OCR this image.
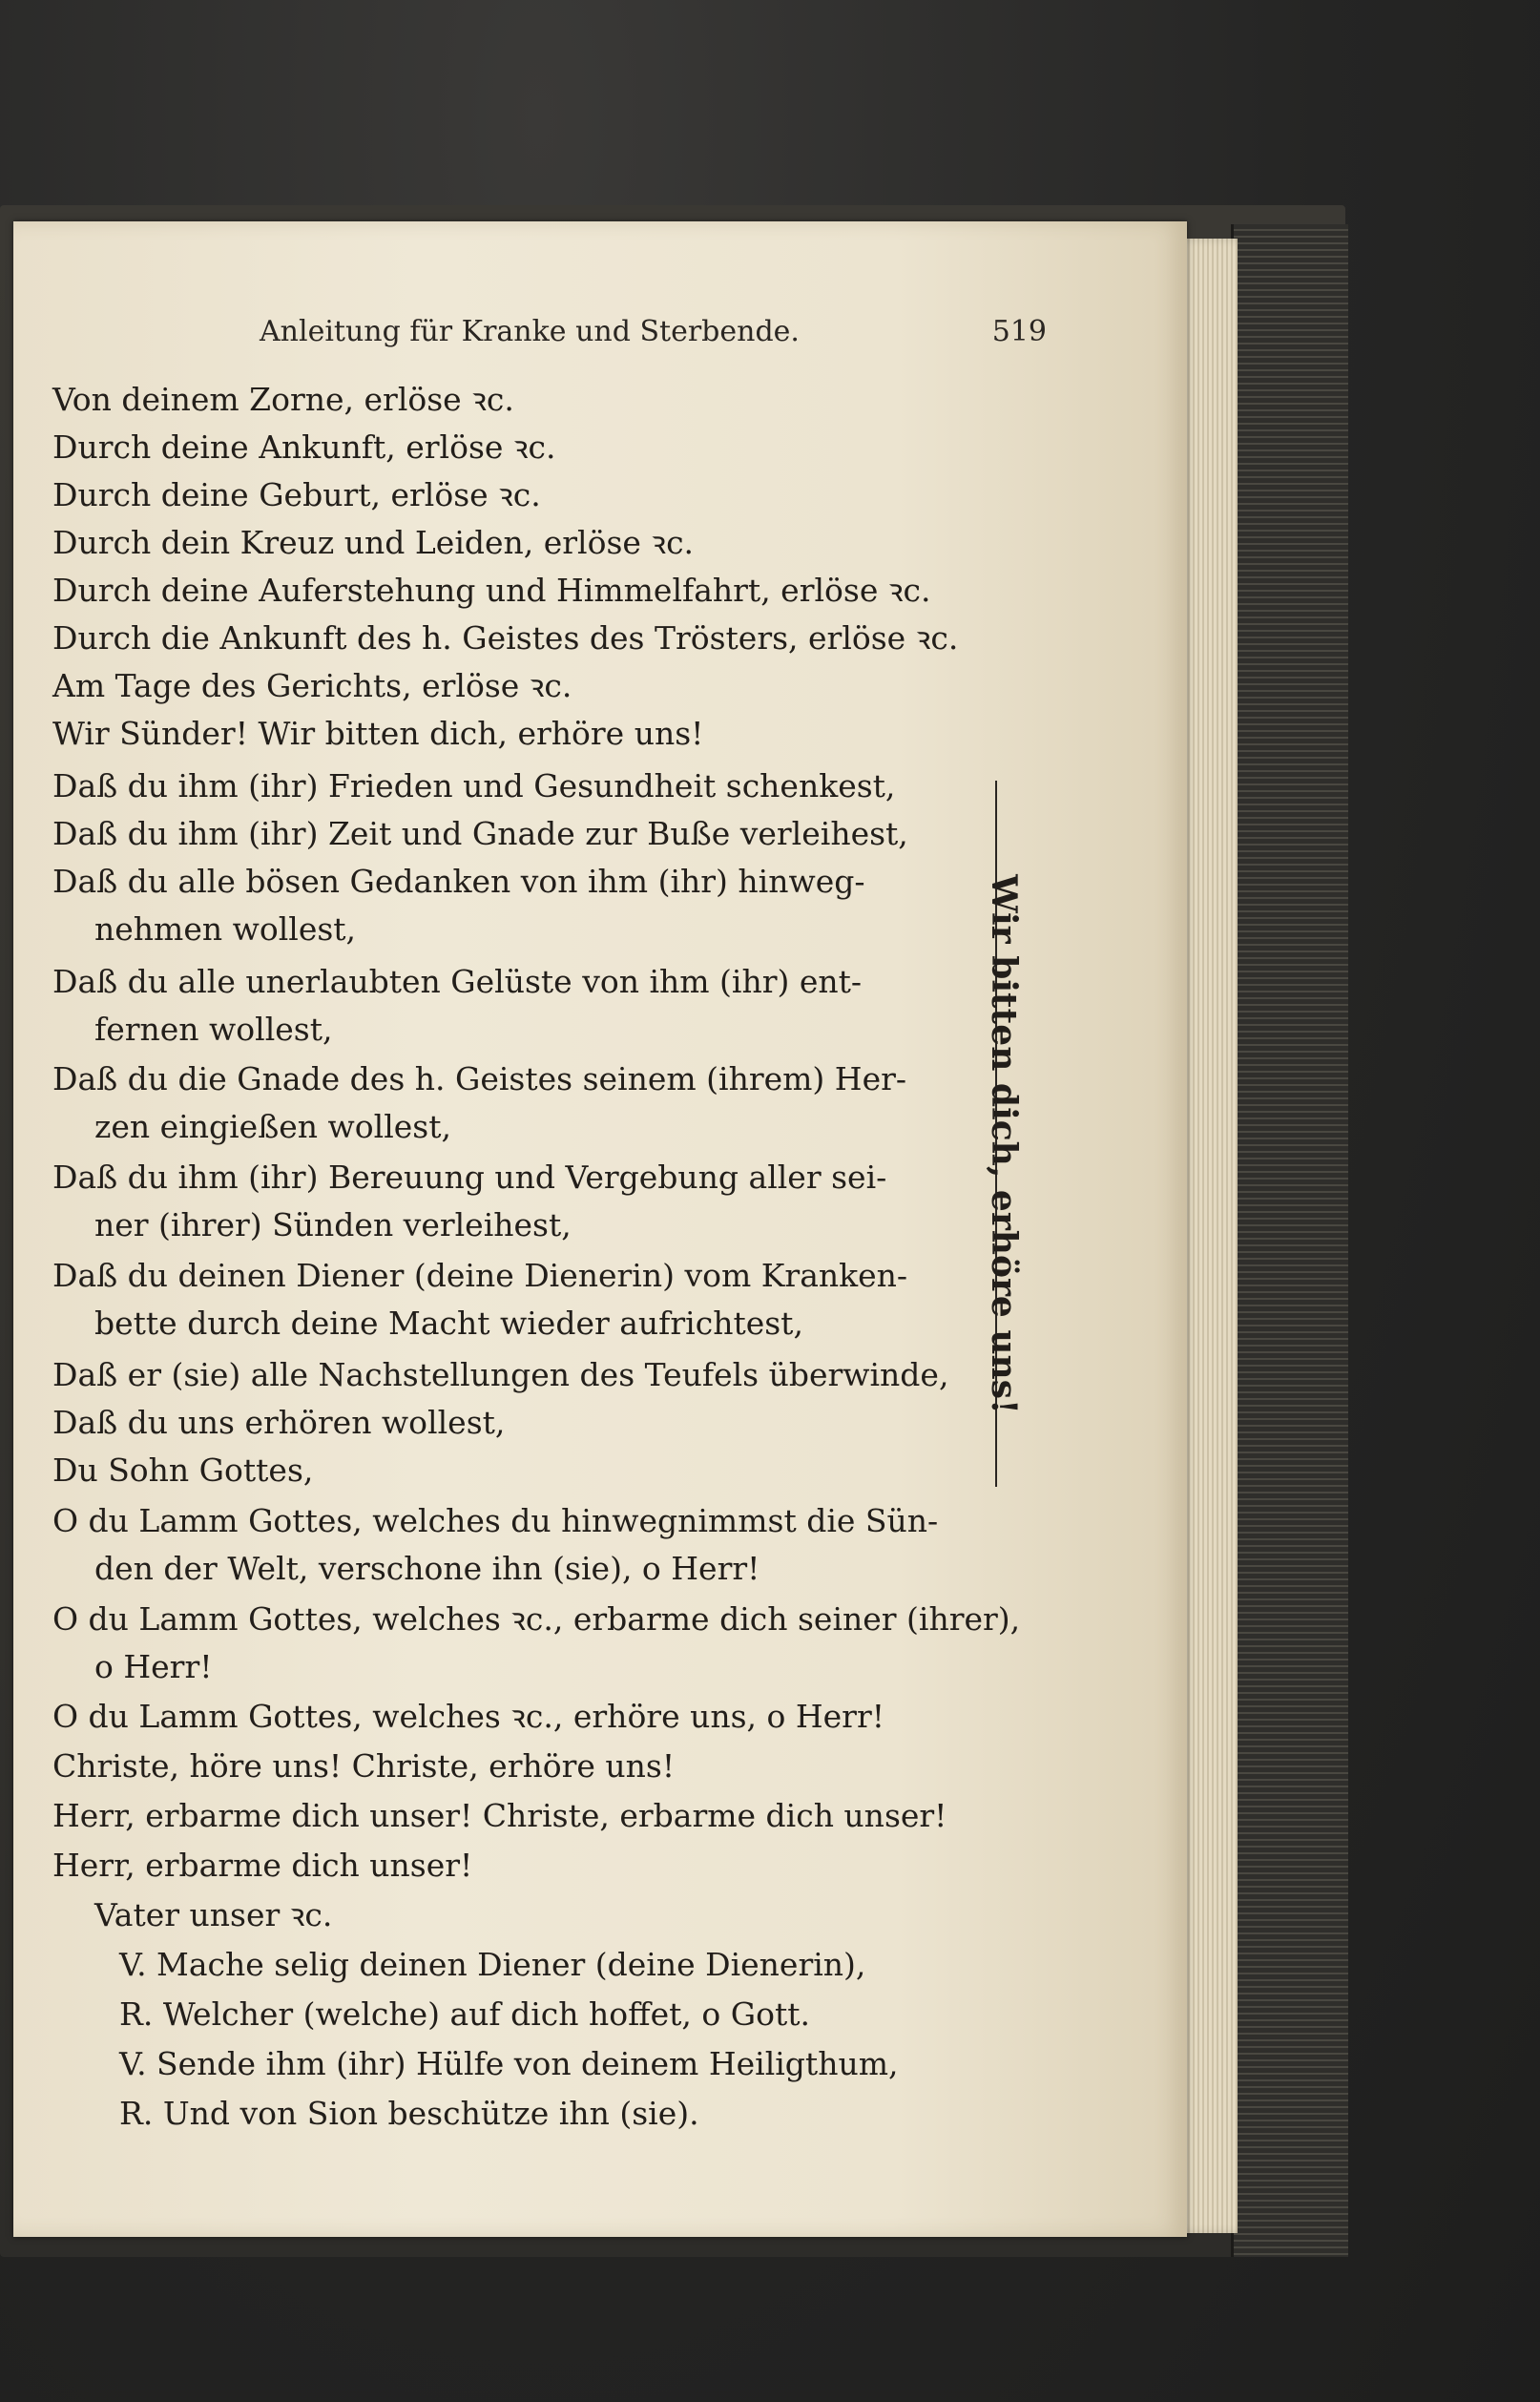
Anleitung für Kranke und Sterbende.	519
Von deinem Zorne, erlöse ꝛc.
Durch deine Ankunft, erlöse ꝛc.
Durch deine Geburt, erlöse ꝛc.
Durch dein Kreuz und Leiden, erlöse ꝛc.
Durch deine Auferstehung und Himmelfahrt, erlöse ꝛc.
Durch die Ankunft des h. Geistes des Trösters, erlöse ꝛc.
Am Tage des Gerichts, erlöse ꝛc.
Wir Sünder! Wir bitten dich, erhöre uns!
Daß du ihm (ihr) Frieden und Gesundheit schenkest,
Daß du ihm (ihr) Zeit und Gnade zur Buße verleihest,
Daß du alle bösen Gedanken von ihm (ihr) hinweg-
nehmen wollest,
Daß du alle unerlaubten Gelüste von ihm (ihr) ent-
fernen wollest,
Daß du die Gnade des h. Geistes seinem (ihrem) Her-
zen eingießen wollest,
Daß du ihm (ihr) Bereuung und Vergebung aller sei-
ner (ihrer) Sünden verleihest,
Daß du deinen Diener (deine Dienerin) vom Kranken-
bette durch deine Macht wieder aufrichtest,
Daß er (sie) alle Nachstellungen des Teufels überwinde,
Daß du uns erhören wollest,
Du Sohn Gottes,
O du Lamm Gottes, welches du hinwegnimmst die Sün-
den der Welt, verschone ihn (sie), o Herr!
O du Lamm Gottes, welches ꝛc., erbarme dich seiner (ihrer),
o Herr!
O du Lamm Gottes, welches ꝛc., erhöre uns, o Herr!
Christe, höre uns! Christe, erhöre uns!
Herr, erbarme dich unser! Christe, erbarme dich unser!
Herr, erbarme dich unser!
Vater unser ꝛc.
V. Mache selig deinen Diener (deine Dienerin),
R. Welcher (welche) auf dich hoffet, o Gott.
V. Sende ihm (ihr) Hülfe von deinem Heiligthum,
R. Und von Sion beschütze ihn (sie).
Wir bitten dich, erhöre uns!
